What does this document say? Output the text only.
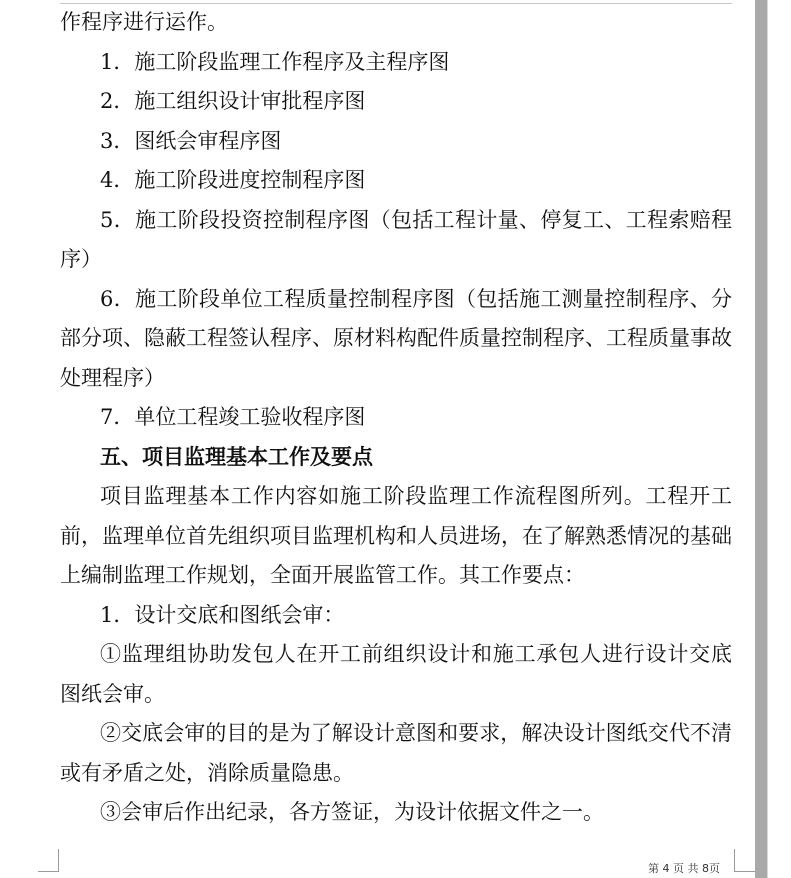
作程序进行运作。
1．施工阶段监理工作程序及主程序图
2．施工组织设计审批程序图
3．图纸会审程序图
4．施工阶段进度控制程序图
5．施工阶段投资控制程序图（包括工程计量、停复工、工程索赔程
序）
6．施工阶段单位工程质量控制程序图（包括施工测量控制程序、分
部分项、隐蔽工程签认程序、原材料构配件质量控制程序、工程质量事故
处理程序）
7．单位工程竣工验收程序图
五、项目监理基本工作及要点
项目监理基本工作内容如施工阶段监理工作流程图所列。工程开工
前，监理单位首先组织项目监理机构和人员进场，在了解熟悉情况的基础
上编制监理工作规划，全面开展监管工作。其工作要点：
1．设计交底和图纸会审：
①监理组协助发包人在开工前组织设计和施工承包人进行设计交底
图纸会审。
②交底会审的目的是为了解设计意图和要求，解决设计图纸交代不清
或有矛盾之处，消除质量隐患。
③会审后作出纪录，各方签证，为设计依据文件之一。
第 4 页 共 8页
